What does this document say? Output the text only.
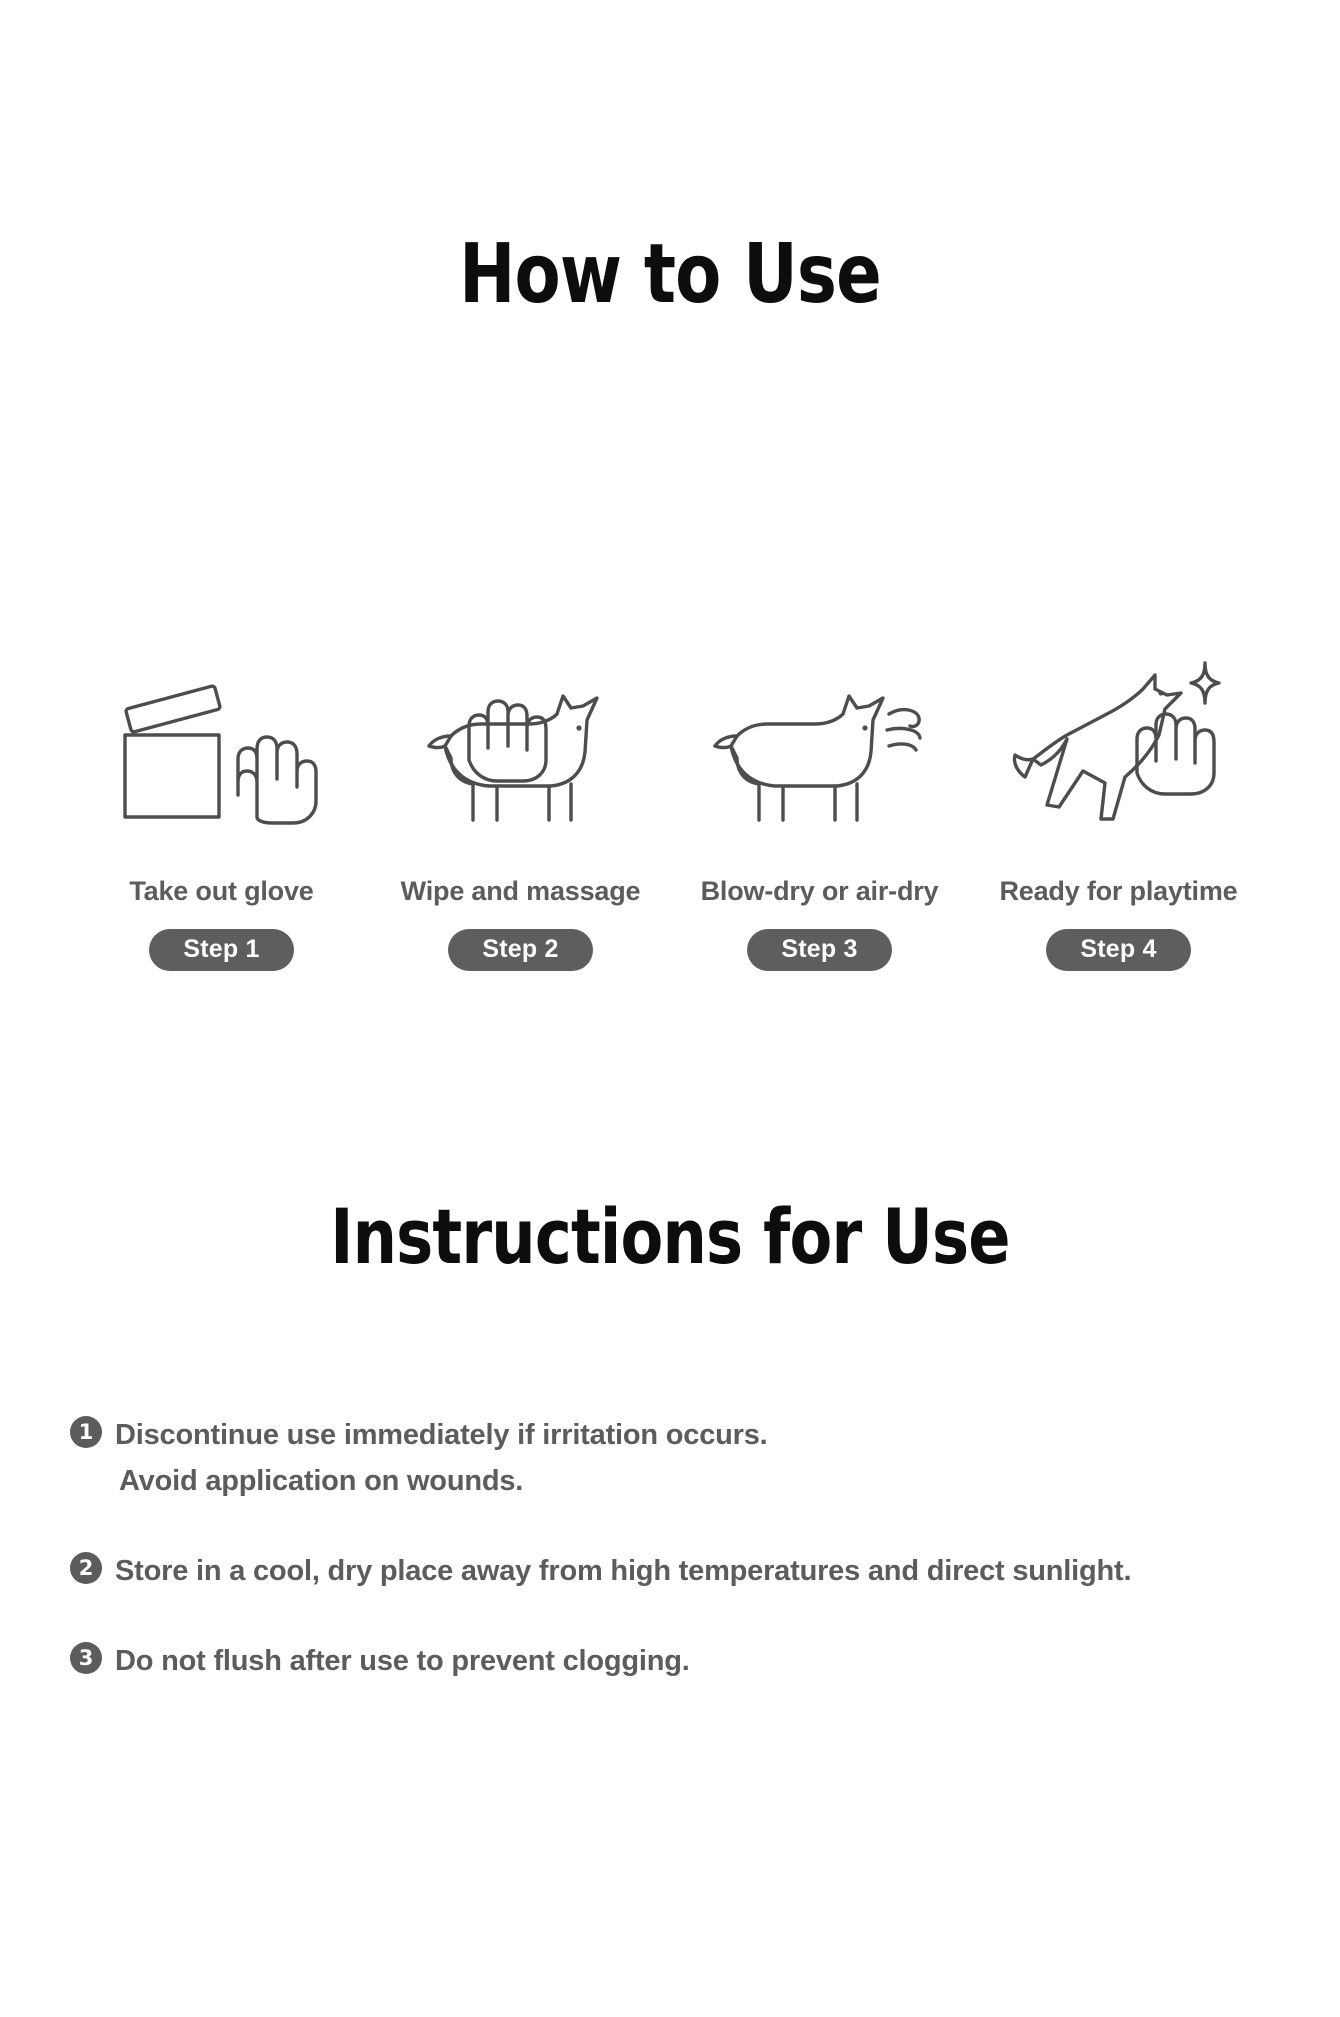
How to Use
Take out glove
Step 1
Wipe and massage
Step 2
Blow-dry or air-dry
Step 3
Ready for playtime
Step 4
Instructions for Use
1 Discontinue use immediately if irritation occurs.
Avoid application on wounds.
2 Store in a cool, dry place away from high temperatures and direct sunlight.
3 Do not flush after use to prevent clogging.
